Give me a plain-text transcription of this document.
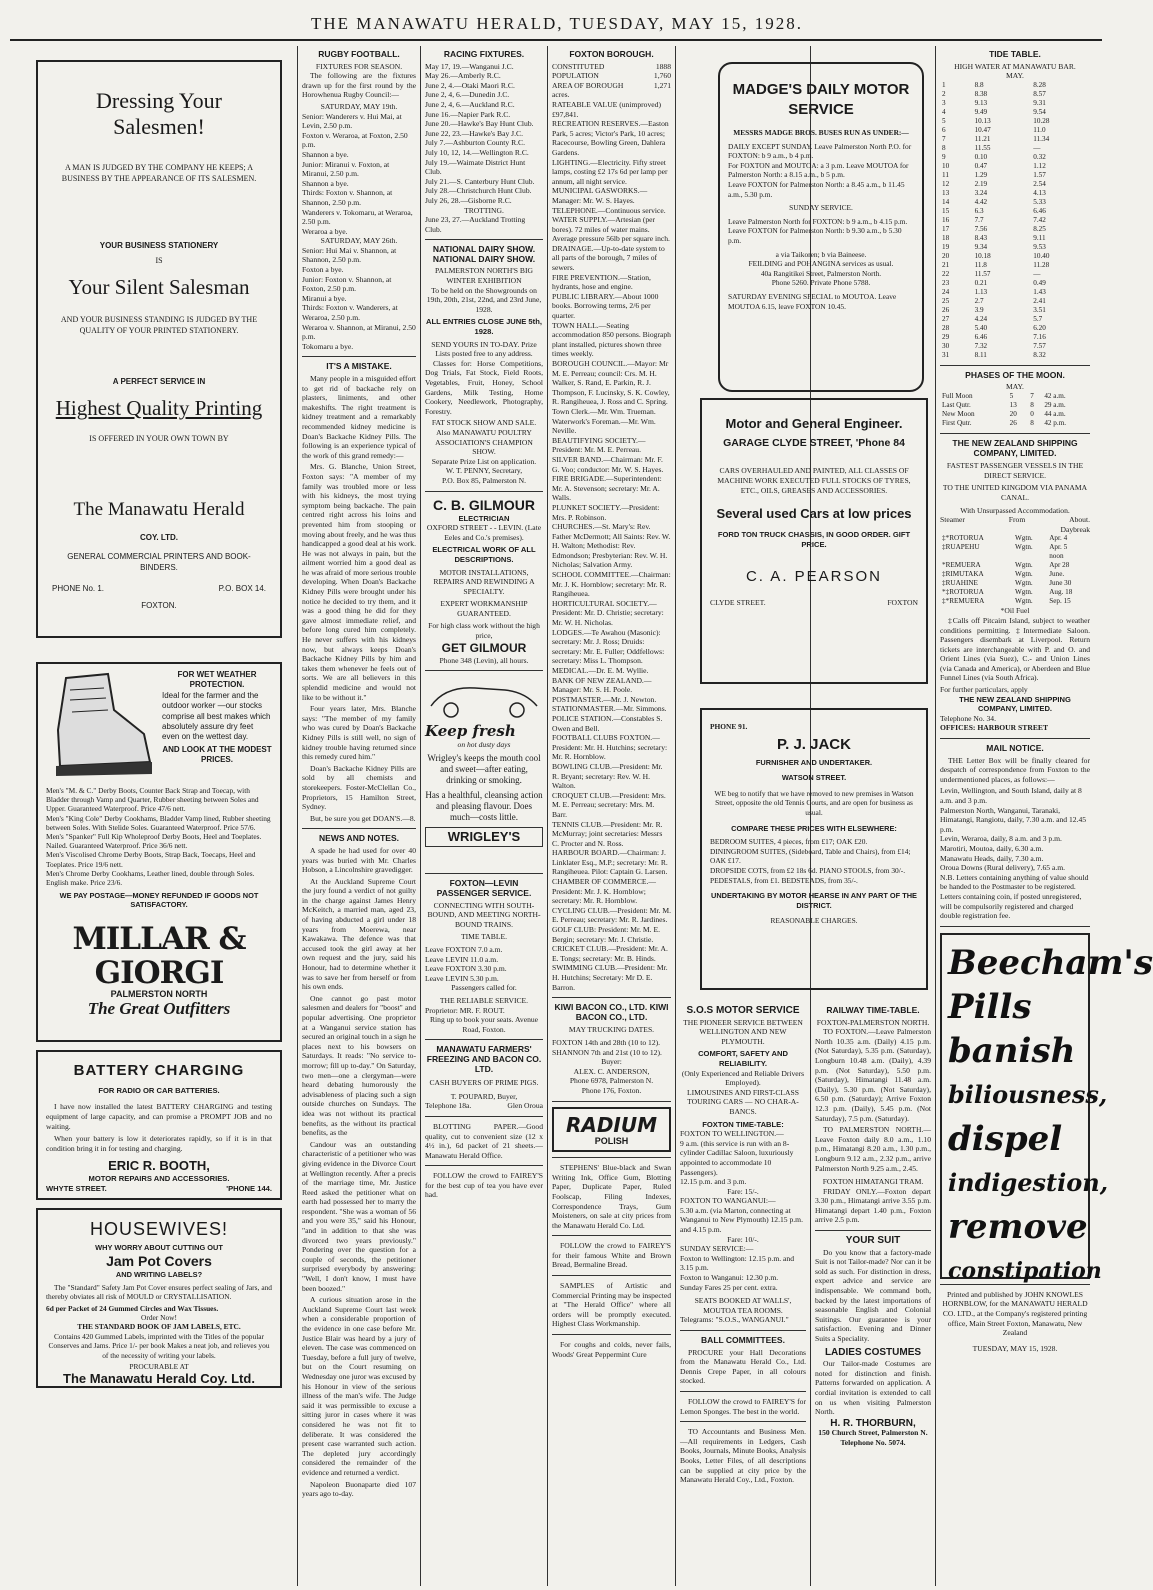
THE MANAWATU HERALD, TUESDAY, MAY 15, 1928.
Dressing Your Salesmen!
A MAN IS JUDGED BY THE COMPANY HE KEEPS; A BUSINESS BY THE APPEARANCE OF ITS SALESMEN.
YOUR BUSINESS STATIONERY
IS
Your Silent Salesman
AND YOUR BUSINESS STANDING IS JUDGED BY THE QUALITY OF YOUR PRINTED STATIONERY.
A PERFECT SERVICE IN
Highest Quality Printing
IS OFFERED IN YOUR OWN TOWN BY
The Manawatu Herald
COY. LTD.
GENERAL COMMERCIAL PRINTERS AND BOOK-BINDERS.
PHONE No. 1.	P.O. BOX 14.
FOXTON.
FOR WET WEATHER PROTECTION.
Ideal for the farmer and the outdoor worker —our stocks comprise all best makes which absolutely assure dry feet even on the wettest day.
AND LOOK AT THE MODEST PRICES.
Men's "M. & C." Derby Boots, Counter Back Strap and Toecap, with Bladder through Vamp and Quarter, Rubber sheeting between Soles and Upper. Guaranteed Waterproof. Price 47/6 nett.
Men's "King Cole" Derby Cookhams, Bladder Vamp lined, Rubber sheeting between Soles. With Stelide Soles. Guaranteed Waterproof. Price 57/6.
Men's "Spanker" Full Kip Wholeproof Derby Boots, Heel and Toeplates. Nailed. Guaranteed Waterproof. Price 36/6 nett.
Men's Viscolised Chrome Derby Boots, Strap Back, Toecaps, Heel and Toeplates. Price 19/6 nett.
Men's Chrome Derby Cookhams, Leather lined, double through Soles. English make. Price 23/6.
WE PAY POSTAGE—MONEY REFUNDED IF GOODS NOT SATISFACTORY.
MILLAR & GIORGI
PALMERSTON NORTH
The Great Outfitters
BATTERY CHARGING
FOR RADIO OR CAR BATTERIES.

I have now installed the latest BATTERY CHARGING and testing equipment of large capacity, and can promise a PROMPT JOB and no waiting.

When your battery is low it deteriorates rapidly, so if it is in that condition bring it in for testing and charging.

ERIC R. BOOTH,
MOTOR REPAIRS AND ACCESSORIES.
WHYTE STREET.	'PHONE 144.
HOUSEWIVES!
WHY WORRY ABOUT CUTTING OUT
Jam Pot Covers
AND WRITING LABELS?

The "Standard" Safety Jam Pot Cover ensures perfect sealing of Jars, and thereby obviates all risk of MOULD or CRYSTALLISATION.

6d per Packet of 24 Gummed Circles and Wax Tissues.
Order Now!
THE STANDARD BOOK OF JAM LABELS, ETC.
Contains 420 Gummed Labels, imprinted with the Titles of the popular Conserves and Jams. Price 1/- per book Makes a neat job, and relieves you of the necessity of writing your labels.
PROCURABLE AT
The Manawatu Herald Coy. Ltd.
RUGBY FOOTBALL.
FIXTURES FOR SEASON.

The following are the fixtures drawn up for the first round by the Horowhenua Rugby Council:—

SATURDAY, MAY 19th.
Senior: Wanderers v. Hui Mai, at Levin, 2.50 p.m.
Foxton v. Weraroa, at Foxton, 2.50 p.m.
Shannon a bye.
Junior: Miranui v. Foxton, at Miranui, 2.50 p.m.
Shannon a bye.
Thirds: Foxton v. Shannon, at Shannon, 2.50 p.m.
Wanderers v. Tokomaru, at Weraroa, 2.50 p.m.
Weraroa a bye.
SATURDAY, MAY 26th.
Senior: Hui Mai v. Shannon, at Shannon, 2.50 p.m.
Foxton a bye.
Junior: Foxton v. Shannon, at Foxton, 2.50 p.m.
Miranui a bye.
Thirds: Foxton v. Wanderers, at Weraroa, 2.50 p.m.
Weraroa v. Shannon, at Miranui, 2.50 p.m.
Tokomaru a bye.
IT'S A MISTAKE.

Many people in a misguided effort to get rid of backache rely on plasters, liniments, and other makeshifts. The right treatment is kidney treatment and a remarkably recommended kidney medicine is Doan's Backache Kidney Pills. The following is an experience typical of the work of this grand remedy:—

Mrs. G. Blanche, Union Street, Foxton says: "A member of my family was troubled more or less with his kidneys, the most trying symptom being backache. The pain centred right across his loins and prevented him from stooping or moving about freely, and he was thus handicapped a good deal at his work. He was not always in pain, but the ailment worried him a good deal as he was afraid of more serious trouble developing. When Doan's Backache Kidney Pills were brought under his notice he decided to try them, and it was a good thing he did for they gave almost immediate relief, and before long cured him completely. He never suffers with his kidneys now, but always keeps Doan's Backache Kidney Pills by him and takes them whenever he feels out of sorts. We are all believers in this splendid medicine and would not like to be without it."

Four years later, Mrs. Blanche says: "The member of my family who was cured by Doan's Backache Kidney Pills is still well, no sign of kidney trouble having returned since this remedy cured him."

Doan's Backache Kidney Pills are sold by all chemists and storekeepers. Foster-McClellan Co., Proprietors, 15 Hamilton Street, Sydney.

But, be sure you get DOAN'S.—8.

NEWS AND NOTES.

A spade he had used for over 40 years was buried with Mr. Charles Hobson, a Lincolnshire gravedigger.

At the Auckland Supreme Court the jury found a verdict of not guilty in the charge against James Henry McKeitch, a married man, aged 23, of having abducted a girl under 18 years from Moerewa, near Kawakawa. The defence was that accused took the girl away at her own request and the jury, said his Honour, had to determine whether it was to save her from herself or from his own ends.

One cannot go past motor salesmen and dealers for "boost" and popular advertising. One proprietor at a Wanganui service station has secured an original touch in a sign he places next to his bowsers on Saturdays. It reads: "No service to-morrow; fill up to-day." On Saturday, two men—one a clergyman—were heard debating humorously the advisableness of placing such a sign outside churches on Sundays. The idea was not without its practical benefits, as the without its practical benefits, as the

Candour was an outstanding characteristic of a petitioner who was giving evidence in the Divorce Court at Wellington recently. After a precis of the marriage time, Mr. Justice Reed asked the petitioner what on earth had possessed her to marry the respondent. "She was a woman of 56 and you were 35," said his Honour, "and in addition to that she was divorced two years previously." Pondering over the question for a couple of seconds, the petitioner surprised everybody by answering: "Well, I don't know, I must have been boozed."

A curious situation arose in the Auckland Supreme Court last week when a considerable proportion of the evidence in one case before Mr. Justice Blair was heard by a jury of eleven. The case was commenced on Tuesday, before a full jury of twelve, but on the Court resuming on Wednesday one juror was excused by his Honour in view of the serious illness of the man's wife. The Judge said it was permissible to excuse a sitting juror in cases where it was considered he was not fit to deliberate. It was considered the present case warranted such action. The depleted jury accordingly considered the remainder of the evidence and returned a verdict.

Napoleon Buonaparte died 107 years ago to-day.

RACING FIXTURES.
May 17, 19.—Wanganui J.C.
May 26.—Amberly R.C.
June 2, 4.—Otaki Maori R.C.
June 2, 4, 6.—Dunedin J.C.
June 2, 4, 6.—Auckland R.C.
June 16.—Napier Park R.C.
June 20.—Hawke's Bay Hunt Club.
June 22, 23.—Hawke's Bay J.C.
July 7.—Ashburton County R.C.
July 10, 12, 14.—Wellington R.C.
July 19.—Waimate District Hunt Club.
July 21.—S. Canterbury Hunt Club.
July 28.—Christchurch Hunt Club.
July 26, 28.—Gisborne R.C.
TROTTING.
June 23, 27.—Auckland Trotting Club.
NATIONAL DAIRY SHOW. NATIONAL DAIRY SHOW.
PALMERSTON NORTH'S BIG WINTER EXHIBITION
To be held on the Showgrounds on 19th, 20th, 21st, 22nd, and 23rd June, 1928.
ALL ENTRIES CLOSE JUNE 5th, 1928.
SEND YOURS IN TO-DAY. Prize Lists posted free to any address.

Classes for: Horse Competitions, Dog Trials, Fat Stock, Field Roots, Vegetables, Fruit, Honey, School Gardens, Milk Testing, Home Cookery, Needlework, Photography, Forestry.

FAT STOCK SHOW AND SALE. Also MANAWATU POULTRY ASSOCIATION'S CHAMPION SHOW.
Separate Prize List on application.
W. T. PENNY, Secretary,
P.O. Box 85, Palmerston N.
C. B. GILMOUR
ELECTRICIAN
OXFORD STREET - - LEVIN. (Late Eeles and Co.'s premises).
ELECTRICAL WORK OF ALL DESCRIPTIONS.
MOTOR INSTALLATIONS, REPAIRS AND REWINDING A SPECIALTY.
EXPERT WORKMANSHIP GUARANTEED.
For high class work without the high price,
GET GILMOUR
Phone 348 (Levin), all hours.
Keep fresh
on hot dusty days
Wrigley's keeps the mouth cool and sweet—after eating, drinking or smoking.
Has a healthful, cleansing action and pleasing flavour. Does much—costs little.
WRIGLEY'S
FOXTON—LEVIN PASSENGER SERVICE.
CONNECTING WITH SOUTH-BOUND, AND MEETING NORTH-BOUND TRAINS.
TIME TABLE.
Leave FOXTON 7.0 a.m.
Leave LEVIN 11.0 a.m.
Leave FOXTON 3.30 p.m.
Leave LEVIN 5.30 p.m.
Passengers called for.
THE RELIABLE SERVICE.
Proprietor: MR. F. ROUT.
Ring up to book your seats. Avenue Road, Foxton.
MANAWATU FARMERS' FREEZING AND BACON CO. LTD.
CASH BUYERS OF PRIME PIGS.
T. POUPARD, Buyer,
Telephone 18a.	Glen Oroua

BLOTTING PAPER.—Good quality, cut to convenient size (12 x 4½ in.), 6d packet of 21 sheets.—Manawatu Herald Office.

FOLLOW the crowd to FAIREY'S for the best cup of tea you have ever had.

FOXTON BOROUGH.
CONSTITUTED	1888
POPULATION	1,760
AREA OF BOROUGH	1,271
acres.
RATEABLE VALUE (unimproved) £97,841.
RECREATION RESERVES.—Easton Park, 5 acres; Victor's Park, 10 acres; Racecourse, Bowling Green, Dahlera Gardens.
LIGHTING.—Electricity. Fifty street lamps, costing £2 17s 6d per lamp per annum, all night service.
MUNICIPAL GASWORKS.—Manager: Mr. W. S. Hayes.
TELEPHONE.—Continuous service.
WATER SUPPLY.—Artesian (per bores). 72 miles of water mains. Average pressure 56lb per square inch.
DRAINAGE.—Up-to-date system to all parts of the borough, 7 miles of sewers.
FIRE PREVENTION.—Station, hydrants, hose and engine.
PUBLIC LIBRARY.—About 1000 books. Borrowing terms, 2/6 per quarter.
TOWN HALL.—Seating accommodation 850 persons. Biograph plant installed, pictures shown three times weekly.
BOROUGH COUNCIL.—Mayor: Mr M. E. Perreau; council: Crs. M. H. Walker, S. Rand, E. Parkin, R. J. Thompson, F. Lucinsky, S. K. Cowley, R. Rangiheuea, J. Ross and C. Spring.
Town Clerk.—Mr. Wm. Trueman.
Waterwork's Foreman.—Mr. Wm. Neville.
BEAUTIFYING SOCIETY.—President: Mr. M. E. Perreau.
SILVER BAND.—Chairman: Mr. F. G. Voo; conductor: Mr. W. S. Hayes.
FIRE BRIGADE.—Superintendent: Mr. A. Stevenson; secretary: Mr. A. Walls.
PLUNKET SOCIETY.—President: Mrs. P. Robinson.
CHURCHES.—St. Mary's: Rev. Father McDermott; All Saints: Rev. W. H. Walton; Methodist: Rev. Edmondson; Presbyterian: Rev. W. H. Nicholas; Salvation Army.
SCHOOL COMMITTEE.—Chairman: Mr. J. K. Hornblow; secretary: Mr. R. Rangiheuea.
HORTICULTURAL SOCIETY.—President: Mr. D. Christie; secretary: Mr. W. H. Nicholas.
LODGES.—Te Awahou (Masonic): secretary: Mr. J. Ross; Druids: secretary: Mr. E. Fuller; Oddfellows: secretary: Miss L. Thompson.
MEDICAL.—Dr. E. M. Wyllie.
BANK OF NEW ZEALAND.—Manager: Mr. S. H. Poole.
POSTMASTER.—Mr. J. Newton.
STATIONMASTER.—Mr. Simmons.
POLICE STATION.—Constables S. Owen and Bell.
FOOTBALL CLUBS FOXTON.—President: Mr. H. Hutchins; secretary: Mr. R. Hornblow.
BOWLING CLUB.—President: Mr. R. Bryant; secretary: Rev. W. H. Walton.
CROQUET CLUB.—President: Mrs. M. E. Perreau; secretary: Mrs. M. Barr.
TENNIS CLUB.—President: Mr. R. McMurray; joint secretaries: Messrs C. Procter and N. Ross.
HARBOUR BOARD.—Chairman: J. Linklater Esq., M.P.; secretary: Mr. R. Rangiheuea. Pilot: Captain G. Larsen.
CHAMBER OF COMMERCE.—President: Mr. J. K. Hornblow; secretary: Mr. R. Hornblow.
CYCLING CLUB.—President: Mr. M. E. Perreau; secretary: Mr. R. Jardines.
GOLF CLUB: President: Mr. M. E. Bergin; secretary: Mr. J. Christie.
CRICKET CLUB.—President: Mr. A. E. Tongs; secretary: Mr. B. Hinds.
SWIMMING CLUB.—President: Mr. H. Hutchins; Secretary: Mr D. E. Barron.
KIWI BACON CO., LTD. KIWI BACON CO., LTD.
MAY TRUCKING DATES.
FOXTON 14th and 28th (10 to 12).
SHANNON 7th and 21st (10 to 12).
Buyer:
ALEX. C. ANDERSON,
Phone 6978, Palmerston N.
Phone 176, Foxton.
RADIUM
POLISH

STEPHENS' Blue-black and Swan Writing Ink, Office Gum, Blotting Paper, Duplicate Paper, Ruled Foolscap, Filing Indexes, Correspondence Trays, Gum Moisteners, on sale at city prices from the Manawatu Herald Co. Ltd.

FOLLOW the crowd to FAIREY'S for their famous White and Brown Bread, Bermaline Bread.

SAMPLES of Artistic and Commercial Printing may be inspected at "The Herald Office" where all orders will be promptly executed. Highest Class Workmanship.

For coughs and colds, never fails, Woods' Great Peppermint Cure

MADGE'S DAILY MOTOR SERVICE
MESSRS MADGE BROS. BUSES RUN AS UNDER:—
DAILY EXCEPT SUNDAY. Leave Palmerston North P.O. for FOXTON: b 9 a.m., b 4 p.m.
For FOXTON and MOUTOA: a 3 p.m. Leave MOUTOA for Palmerston North: a 8.15 a.m., b 5 p.m.
Leave FOXTON for Palmerston North: a 8.45 a.m., b 11.45 a.m., 5.30 p.m.
SUNDAY SERVICE.
Leave Palmerston North for FOXTON: b 9 a.m., b 4.15 p.m.
Leave FOXTON for Palmerston North: b 9.30 a.m., b 5.30 p.m.
a via Taikoren; b via Baineese.
FEILDING and POHANGINA services as usual.
40a Rangitikei Street, Palmerston North.
Phone 5260. Private Phone 5788.
SATURDAY EVENING SPECIAL to MOUTOA. Leave MOUTOA 6.15, leave FOXTON 10.45.
Motor and General Engineer.
GARAGE CLYDE STREET, 'Phone 84
CARS OVERHAULED AND PAINTED, ALL CLASSES OF MACHINE WORK EXECUTED FULL STOCKS OF TYRES, ETC., OILS, GREASES AND ACCESSORIES.
Several used Cars at low prices
FORD TON TRUCK CHASSIS, IN GOOD ORDER. GIFT PRICE.
C. A. PEARSON
CLYDE STREET.	FOXTON
PHONE 91.
P. J. JACK
FURNISHER AND UNDERTAKER.
WATSON STREET.
WE beg to notify that we have removed to new premises in Watson Street, opposite the old Tennis Courts, and are open for business as usual.
COMPARE THESE PRICES WITH ELSEWHERE:
BEDROOM SUITES, 4 pieces, from £17; OAK £20.
DININGROOM SUITES, (Sideboard, Table and Chairs), from £14; OAK £17.
DROPSIDE COTS, from £2 18s 6d. PIANO STOOLS, from 30/-.
PEDESTALS, from £1. BEDSTEADS, from 35/-.
UNDERTAKING BY MOTOR HEARSE IN ANY PART OF THE DISTRICT.
REASONABLE CHARGES.
S.O.S MOTOR SERVICE
THE PIONEER SERVICE BETWEEN WELLINGTON AND NEW PLYMOUTH.
COMFORT, SAFETY AND RELIABILITY.
(Only Experienced and Reliable Drivers Employed).
LIMOUSINES AND FIRST-CLASS TOURING CARS — NO CHAR-A-BANCS.
FOXTON TIME-TABLE:
FOXTON TO WELLINGTON.—
9 a.m. (this service is run with an 8-cylinder Cadillac Saloon, luxuriously appointed to accommodate 10 Passengers).
12.15 p.m. and 3 p.m.
Fare: 15/-.
FOXTON TO WANGANUI:—
5.30 a.m. (via Marton, connecting at Wanganui to New Plymouth) 12.15 p.m. and 4.15 p.m.
Fare: 10/-.
SUNDAY SERVICE:—
Foxton to Wellington: 12.15 p.m. and 3.15 p.m.
Foxton to Wanganui: 12.30 p.m.
Sunday Fares 25 per cent. extra.
SEATS BOOKED AT WALLS', MOUTOA TEA ROOMS.
Telegrams: "S.O.S., WANGANUI."
BALL COMMITTEES.

PROCURE your Hall Decorations from the Manawatu Herald Co., Ltd. Dennis Crepe Paper, in all colours stocked.

FOLLOW the crowd to FAIREY'S for Lemon Sponges. The best in the world.

TO Accountants and Business Men. —All requirements in Ledgers, Cash Books, Journals, Minute Books, Analysis Books, Letter Files, of all descriptions can be supplied at city price by the Manawatu Herald Coy., Ltd., Foxton.

RAILWAY TIME-TABLE.
FOXTON-PALMERSTON NORTH.

TO FOXTON.—Leave Palmerston North 10.35 a.m. (Daily) 4.15 p.m. (Not Saturday), 5.35 p.m. (Saturday), Longburn 10.48 a.m. (Daily), 4.39 p.m. (Not Saturday), 5.50 p.m. (Saturday), Himatangi 11.48 a.m. (Daily), 5.30 p.m. (Not Saturday), 6.50 p.m. (Saturday); Arrive Foxton 12.3 p.m. (Daily), 5.45 p.m. (Not Saturday), 7.5 p.m. (Saturday).

TO PALMERSTON NORTH.—Leave Foxton daily 8.0 a.m., 1.10 p.m., Himatangi 8.20 a.m., 1.30 p.m., Longburn 9.12 a.m., 2.32 p.m., arrive Palmerston North 9.25 a.m., 2.45.

FOXTON HIMATANGI TRAM.

FRIDAY ONLY.—Foxton depart 3.30 p.m., Himatangi arrive 3.55 p.m. Himatangi depart 1.40 p.m., Foxton arrive 2.5 p.m.

YOUR SUIT

Do you know that a factory-made Suit is not Tailor-made? Nor can it be sold as such. For distinction in dress, expert advice and service are indispensable. We command both, backed by the latest importations of seasonable English and Colonial Suitings. Our guarantee is your satisfaction. Evening and Dinner Suits a Speciality.

LADIES COSTUMES

Our Tailor-made Costumes are noted for distinction and finish. Patterns forwarded on application. A cordial invitation is extended to call on us when visiting Palmerston North.

H. R. THORBURN,
150 Church Street, Palmerston N.
Telephone No. 5074.
TIDE TABLE.
HIGH WATER AT MANAWATU BAR.
MAY.
1	8.8	8.28
2	8.38	8.57
3	9.13	9.31
4	9.49	9.54
5	10.13	10.28
6	10.47	11.0
7	11.21	11.34
8	11.55	—
9	0.10	0.32
10	0.47	1.12
11	1.29	1.57
12	2.19	2.54
13	3.24	4.13
14	4.42	5.33
15	6.3	6.46
16	7.7	7.42
17	7.56	8.25
18	8.43	9.11
19	9.34	9.53
20	10.18	10.40
21	11.8	11.28
22	11.57	—
23	0.21	0.49
24	1.13	1.43
25	2.7	2.41
26	3.9	3.51
27	4.24	5.7
28	5.40	6.20
29	6.46	7.16
30	7.32	7.57
31	8.11	8.32
PHASES OF THE MOON.
MAY.
Full Moon	5	7	42 a.m.
Last Qutr.	13	8	29 a.m.
New Moon	20	0	44 a.m.
First Qutr.	26	8	42 p.m.
THE NEW ZEALAND SHIPPING COMPANY, LIMITED.
FASTEST PASSENGER VESSELS IN THE DIRECT SERVICE.
TO THE UNITED KINGDOM VIA PANAMA CANAL.
With Unsurpassed Accommodation.
Steamer	From	About.
Daybreak
‡*ROTORUA	Wgtn.	Apr. 4
‡RUAPEHU	Wgtn.	Apr. 5
		noon
*REMUERA	Wgtn.	Apr 28
‡RIMUTAKA	Wgtn.	June.
‡RUAHINE	Wgtn.	June 30
*‡ROTORUA	Wgtn.	Aug. 18
‡*REMUERA	Wgtn.	Sep. 15
*Oil Fuel

‡Calls off Pitcairn Island, subject to weather conditions permitting. ‡Intermediate Saloon. Passengers disembark at Liverpool. Return tickets are interchangeable with P. and O. and Orient Lines (via Suez), C.- and Union Lines (via Canada and America), or Aberdeen and Blue Funnel Lines (via South Africa).

For further particulars, apply
THE NEW ZEALAND SHIPPING COMPANY, LIMITED.
Telephone No. 34.
OFFICES: HARBOUR STREET
MAIL NOTICE.

THE Letter Box will be finally cleared for despatch of correspondence from Foxton to the undermentioned places, as follows:—

Levin, Wellington, and South Island, daily at 8 a.m. and 3 p.m.
Palmerston North, Wanganui, Taranaki, Himatangi, Rangiotu, daily, 7.30 a.m. and 12.45 p.m.
Levin, Weraroa, daily, 8 a.m. and 3 p.m.
Marotiri, Moutoa, daily, 6.30 a.m.
Manawatu Heads, daily, 7.30 a.m.
Oroua Downs (Rural delivery), 7.65 a.m.
N.B. Letters containing anything of value should be handed to the Postmaster to be registered. Letters containing coin, if posted unregistered, will be compulsorily registered and charged double registration fee.
Beecham's
Pills
banish
biliousness,
dispel
indigestion,
remove
constipation
Printed and published by JOHN KNOWLES HORNBLOW, for the MANAWATU HERALD CO. LTD., at the Company's registered printing office, Main Street Foxton, Manawatu, New Zealand
TUESDAY, MAY 15, 1928.
